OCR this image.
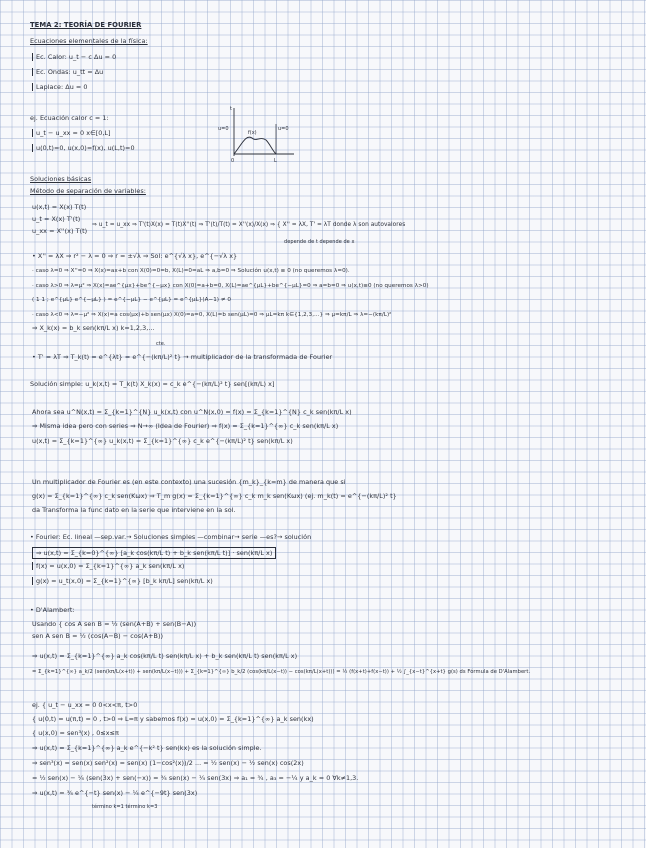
TEMA 2: TEORÍA DE FOURIER
Ecuaciones elementales de la física:
Ec. Calor: u_t − c Δu = 0
Ec. Ondas: u_tt = Δu
Laplace: Δu = 0
ej. Ecuación calor c = 1:
u_t − u_xx = 0 x∈[0,L]
u(0,t)=0, u(x,0)=f(x), u(L,t)=0
u=0	u=0
t
f(x)
0	L
Soluciones básicas
Método de separación de variables:
u(x,t) = X(x) T(t)
u_t = X(x) T'(t)
u_xx = X''(x) T(t)
⇒ u_t = u_xx ⇒ T'(t)X(x) = T(t)X''(t) ⇒ T'(t)/T(t) = X''(x)/X(x) ⇒ { X'' = λX, T' = λT donde λ son autovalores
depende de t depende de x
• X'' = λX ⇒ r² − λ = 0 ⇒ r = ±√λ ⇒ Sol: e^{√λ x}, e^{−√λ x}
· caso λ=0 ⇒ X''=0 ⇒ X(x)=ax+b con X(0)=0=b, X(L)=0=aL ⇒ a,b=0 ⇒ Solución u(x,t) ≡ 0 (no queremos λ=0).
· caso λ>0 ⇒ λ=μ² ⇒ X(x)=ae^{μx}+be^{−μx} con X(0)=a+b=0, X(L)=ae^{μL}+be^{−μL}=0 ⇒ a=b=0 ⇒ u(x,t)≡0 (no queremos λ>0)
( 1 1 ; e^{μL} e^{−μL} ) = e^{−μL} − e^{μL} = e^{μL}(A−1) ≠ 0
· caso λ<0 ⇒ λ=−μ² ⇒ X(x)=a cos(μx)+b sen(μx) X(0)=a=0, X(L)=b sen(μL)=0 ⇒ μL=kπ k∈{1,2,3,...} ⇒ μ=kπ/L ⇒ λ=−(kπ/L)²
⇒ X_k(x) = b_k sen(kπ/L x) k=1,2,3,...
• T' = λT ⇒ T_k(t) = e^{λt} = e^{−(kπ/L)² t} → multiplicador de la transformada de Fourier
cte.
Solución simple: u_k(x,t) = T_k(t) X_k(x) = c_k e^{−(kπ/L)² t} sen[(kπ/L) x]
Ahora sea u^N(x,t) = Σ_{k=1}^{N} u_k(x,t) con u^N(x,0) = f(x) = Σ_{k=1}^{N} c_k sen(kπ/L x)
⇒ Misma idea pero con series ⇒ N→∞ (Idea de Fourier) ⇒ f(x) = Σ_{k=1}^{∞} c_k sen(kπ/L x)
u(x,t) = Σ_{k=1}^{∞} u_k(x,t) = Σ_{k=1}^{∞} c_k e^{−(kπ/L)² t} sen(kπ/L x)
Un multiplicador de Fourier es (en este contexto) una sucesión {m_k}_{k=m} de manera que si
g(x) = Σ_{k=1}^{∞} c_k sen(Kωx) ⇒ T_m g(x) = Σ_{k=1}^{∞} c_k m_k sen(Kωx) (ej. m_k(t) = e^{−(kπ/L)² t}
da Transforma la func dato en la serie que interviene en la sol.
• Fourier: Ec. lineal —sep.var.→ Soluciones simples —combinar→ serie —es?→ solución
⇒ u(x,t) = Σ_{k=0}^{∞} [a_k cos(kπ/L t) + b_k sen(kπ/L t)] · sen(kπ/L x)
f(x) = u(x,0) = Σ_{k=1}^{∞} a_k sen(kπ/L x)
g(x) = u_t(x,0) = Σ_{k=1}^{∞} [b_k kπ/L] sen(kπ/L x)
• D'Alambert:
Usando { cos A sen B = ½ (sen(A+B) + sen(B−A))
sen A sen B = ½ (cos(A−B) − cos(A+B))
⇒ u(x,t) = Σ_{k=1}^{∞} a_k cos(kπ/L t) sen(kπ/L x) + b_k sen(kπ/L t) sen(kπ/L x)
= Σ_{k=1}^{∞} a_k/2 (sen(kπ/L(x+t)) + sen(kπ/L(x−t))) + Σ_{k=1}^{∞} b_k/2 (cos(kπ/L(x−t)) − cos(kπ/L(x+t))) = ½ (f(x+t)+f(x−t)) + ½ ∫_{x−t}^{x+t} g(s) ds Fórmula de D'Alambert.
ej. { u_t − u_xx = 0 0<x<π, t>0
{ u(0,t) = u(π,t) = 0 , t>0 ⇒ L=π y sabemos f(x) = u(x,0) = Σ_{k=1}^{∞} a_k sen(kx)
{ u(x,0) = sen³(x) , 0≤x≤π
⇒ u(x,t) = Σ_{k=1}^{∞} a_k e^{−k² t} sen(kx) es la solución simple.
⇒ sen³(x) = sen(x) sen²(x) = sen(x) (1−cos²(x))/2 ... = ½ sen(x) − ½ sen(x) cos(2x)
= ½ sen(x) − ¼ (sen(3x) + sen(−x)) = ¾ sen(x) − ¼ sen(3x) ⇒ a₁ = ¾ , a₃ = −¼ y a_k = 0 ∀k≠1,3.
⇒ u(x,t) = ¾ e^{−t} sen(x) − ¼ e^{−9t} sen(3x)
término k=1 término k=3
